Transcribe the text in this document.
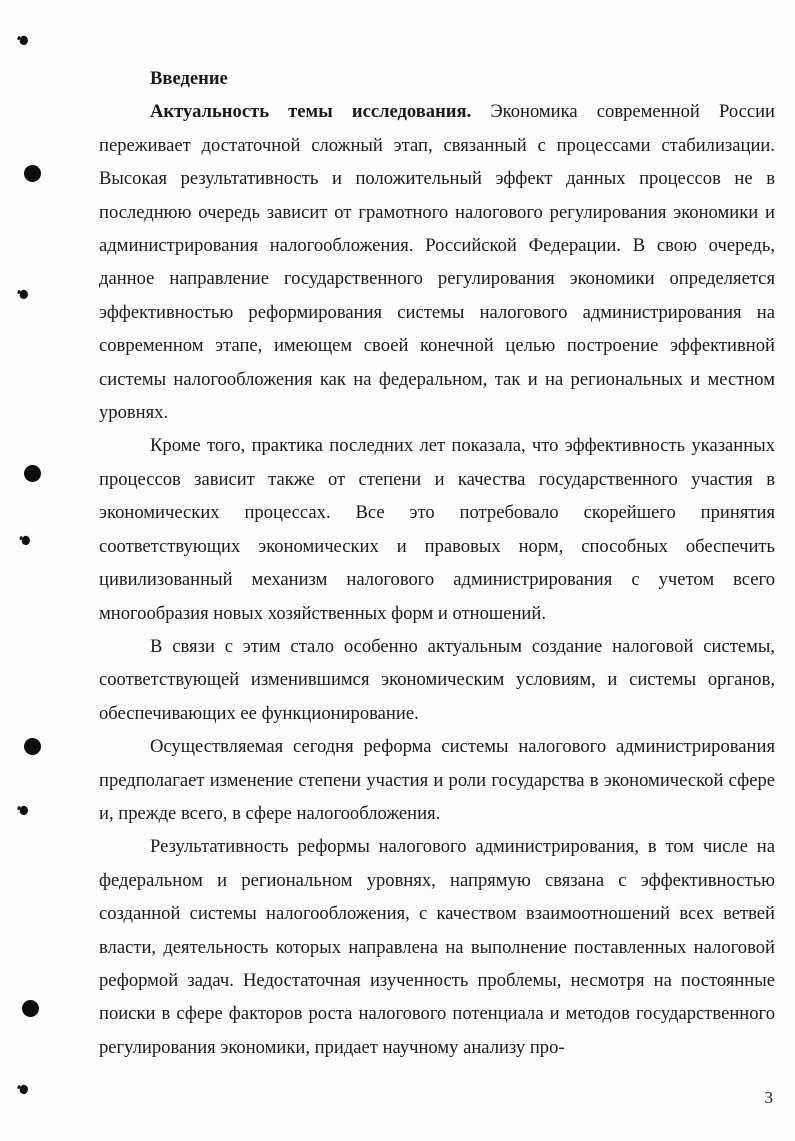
Введение

Актуальность темы исследования. Экономика современной России переживает достаточной сложный этап, связанный с процессами стабилизации. Высокая результативность и положительный эффект данных процессов не в последнюю очередь зависит от грамотного налогового регулирования экономики и администрирования налогообложения. Российской Федерации. В свою очередь, данное направление государственного регулирования экономики определяется эффективностью реформирования системы налогового администрирования на современном этапе, имеющем своей конечной целью построение эффективной системы налогообложения как на федеральном, так и на региональных и местном уровнях.

Кроме того, практика последних лет показала, что эффективность указанных процессов зависит также от степени и качества государственного участия в экономических процессах. Все это потребовало скорейшего принятия соответствующих экономических и правовых норм, способных обеспечить цивилизованный механизм налогового администрирования с учетом всего многообразия новых хозяйственных форм и отношений.

В связи с этим стало особенно актуальным создание налоговой системы, соответствующей изменившимся экономическим условиям, и системы органов, обеспечивающих ее функционирование.

Осуществляемая сегодня реформа системы налогового администрирования предполагает изменение степени участия и роли государства в экономической сфере и, прежде всего, в сфере налогообложения.

Результативность реформы налогового администрирования, в том числе на федеральном и региональном уровнях, напрямую связана с эффективностью созданной системы налогообложения, с качеством взаимоотношений всех ветвей власти, деятельность которых направлена на выполнение поставленных налоговой реформой задач. Недостаточная изученность проблемы, несмотря на постоянные поиски в сфере факторов роста налогового потенциала и методов государственного регулирования экономики, придает научному анализу про-

3
